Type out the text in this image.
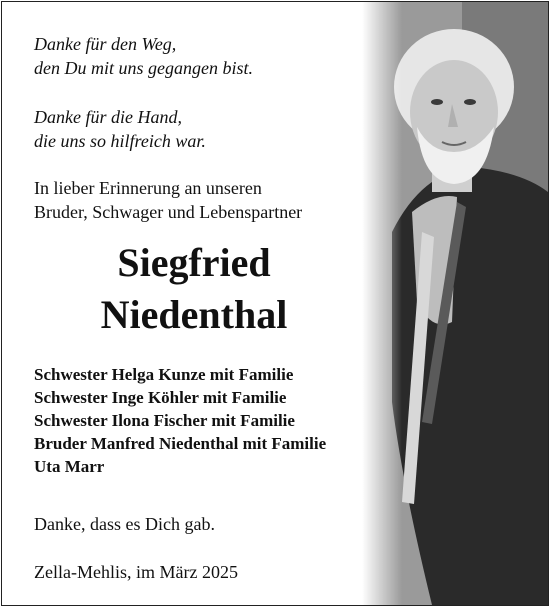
Danke für den Weg,

den Du mit uns gegangen bist.

Danke für die Hand,

die uns so hilfreich war.

In lieber Erinnerung an unseren

Bruder, Schwager und Lebenspartner

Siegfried

Niedenthal

Schwester Helga Kunze mit Familie

Schwester Inge Köhler mit Familie

Schwester Ilona Fischer mit Familie

Bruder Manfred Niedenthal mit Familie

Uta Marr

Danke, dass es Dich gab.
Zella-Mehlis, im März 2025
